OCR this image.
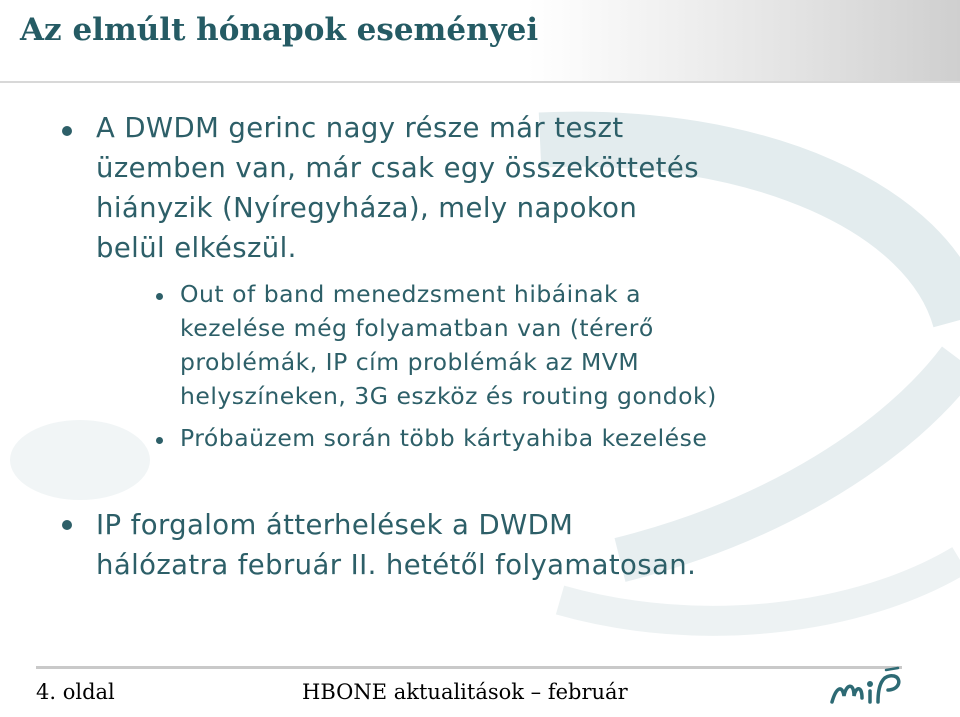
Az elmúlt hónapok eseményei
A DWDM gerinc nagy része már teszt
üzemben van, már csak egy összeköttetés
hiányzik (Nyíregyháza), mely napokon
belül elkészül.
Out of band menedzsment hibáinak a
kezelése még folyamatban van (térerő
problémák, IP cím problémák az MVM
helyszíneken, 3G eszköz és routing gondok)
Próbaüzem során több kártyahiba kezelése
IP forgalom átterhelések a DWDM
hálózatra február II. hetétől folyamatosan.
4. oldal	HBONE aktualitások – február
